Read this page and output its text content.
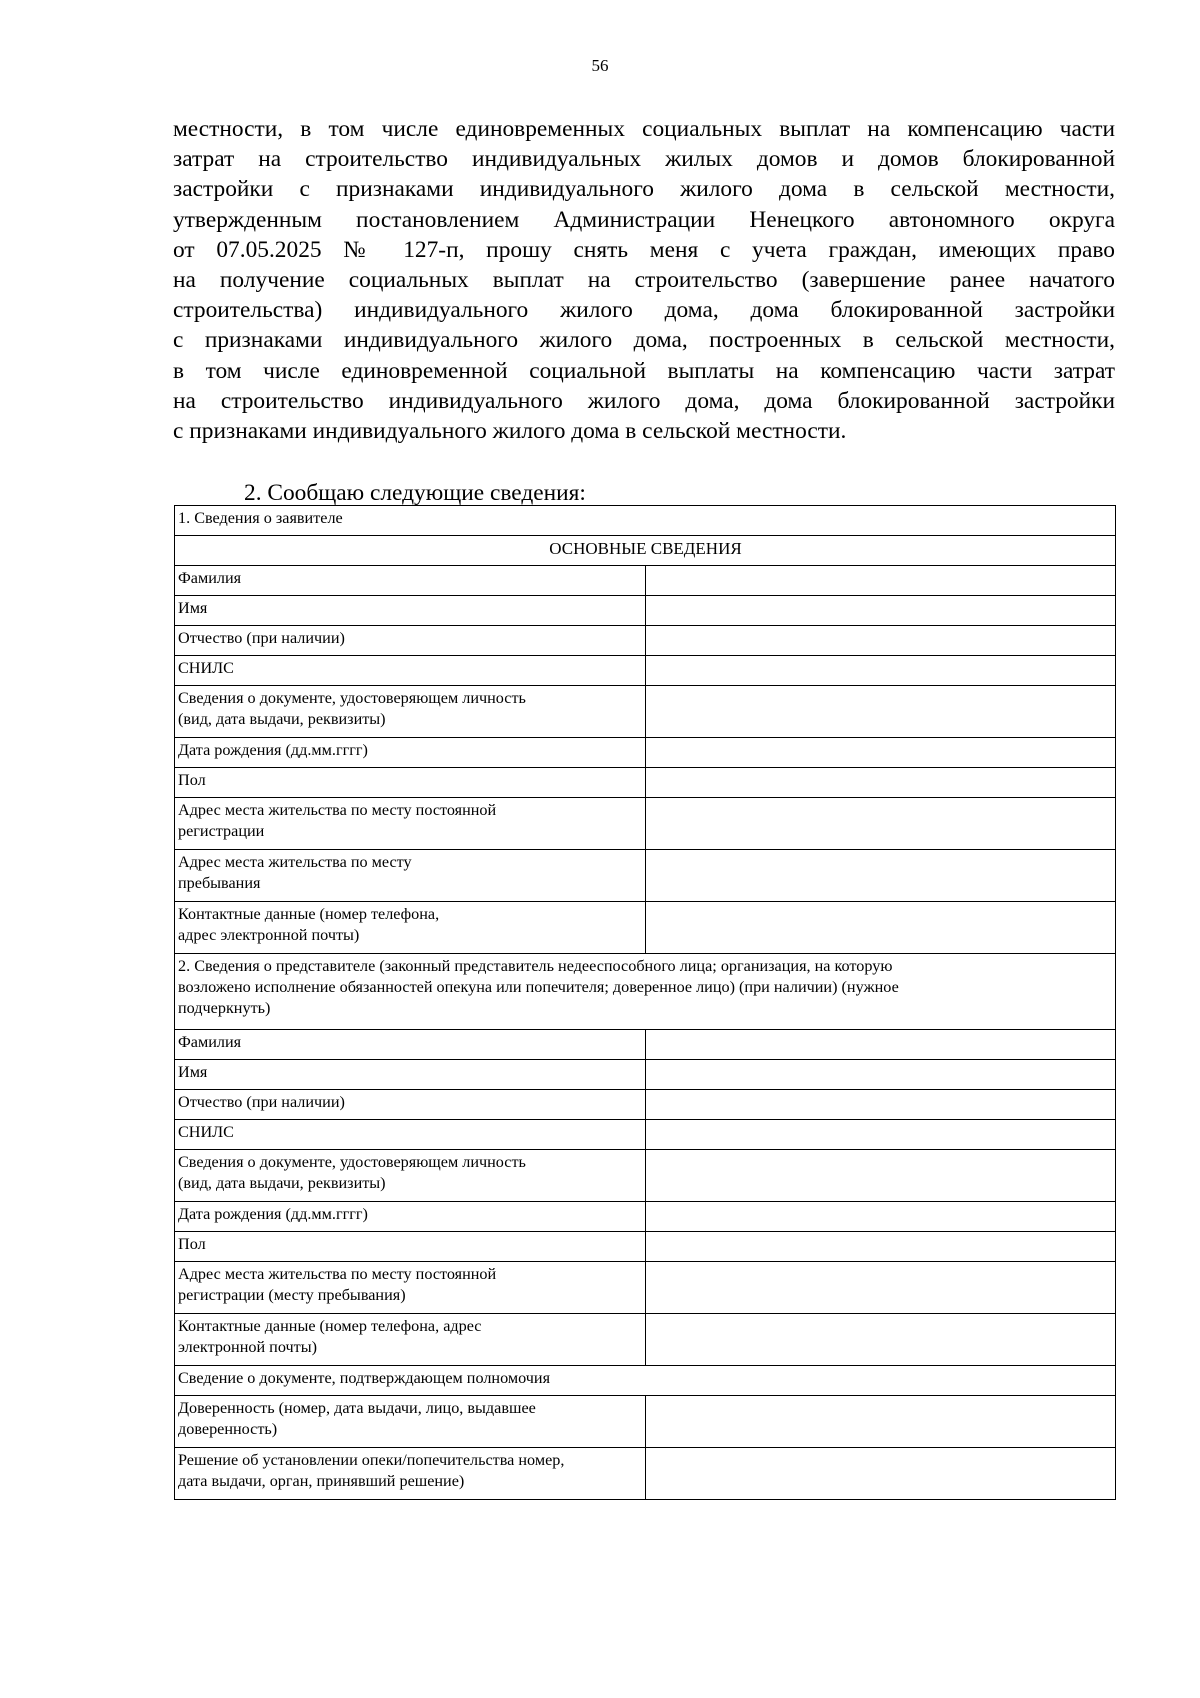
56
местности, в том числе единовременных социальных выплат на компенсацию части
затрат на строительство индивидуальных жилых домов и домов блокированной
застройки с признаками индивидуального жилого дома в сельской местности,
утвержденным постановлением Администрации Ненецкого автономного округа
от 07.05.2025 № 127-п, прошу снять меня с учета граждан, имеющих право
на получение социальных выплат на строительство (завершение ранее начатого
строительства) индивидуального жилого дома, дома блокированной застройки
с признаками индивидуального жилого дома, построенных в сельской местности,
в том числе единовременной социальной выплаты на компенсацию части затрат
на строительство индивидуального жилого дома, дома блокированной застройки
с признаками индивидуального жилого дома в сельской местности.
2. Сообщаю следующие сведения:
1. Сведения о заявителе	
ОСНОВНЫЕ СВЕДЕНИЯ	
Фамилия	
Имя	
Отчество (при наличии)	
СНИЛС	
Сведения о документе, удостоверяющем личность
(вид, дата выдачи, реквизиты)	
Дата рождения (дд.мм.гггг)	
Пол	
Адрес места жительства по месту постоянной
регистрации	
Адрес места жительства по месту
пребывания	
Контактные данные (номер телефона,
адрес электронной почты)	
2. Сведения о представителе (законный представитель недееспособного лица; организация, на которую
возложено исполнение обязанностей опекуна или попечителя; доверенное лицо) (при наличии) (нужное
подчеркнуть)	
Фамилия	
Имя	
Отчество (при наличии)	
СНИЛС	
Сведения о документе, удостоверяющем личность
(вид, дата выдачи, реквизиты)	
Дата рождения (дд.мм.гггг)	
Пол	
Адрес места жительства по месту постоянной
регистрации (месту пребывания)	
Контактные данные (номер телефона, адрес
электронной почты)	
Сведение о документе, подтверждающем полномочия	
Доверенность (номер, дата выдачи, лицо, выдавшее
доверенность)	
Решение об установлении опеки/попечительства номер,
дата выдачи, орган, принявший решение)	
